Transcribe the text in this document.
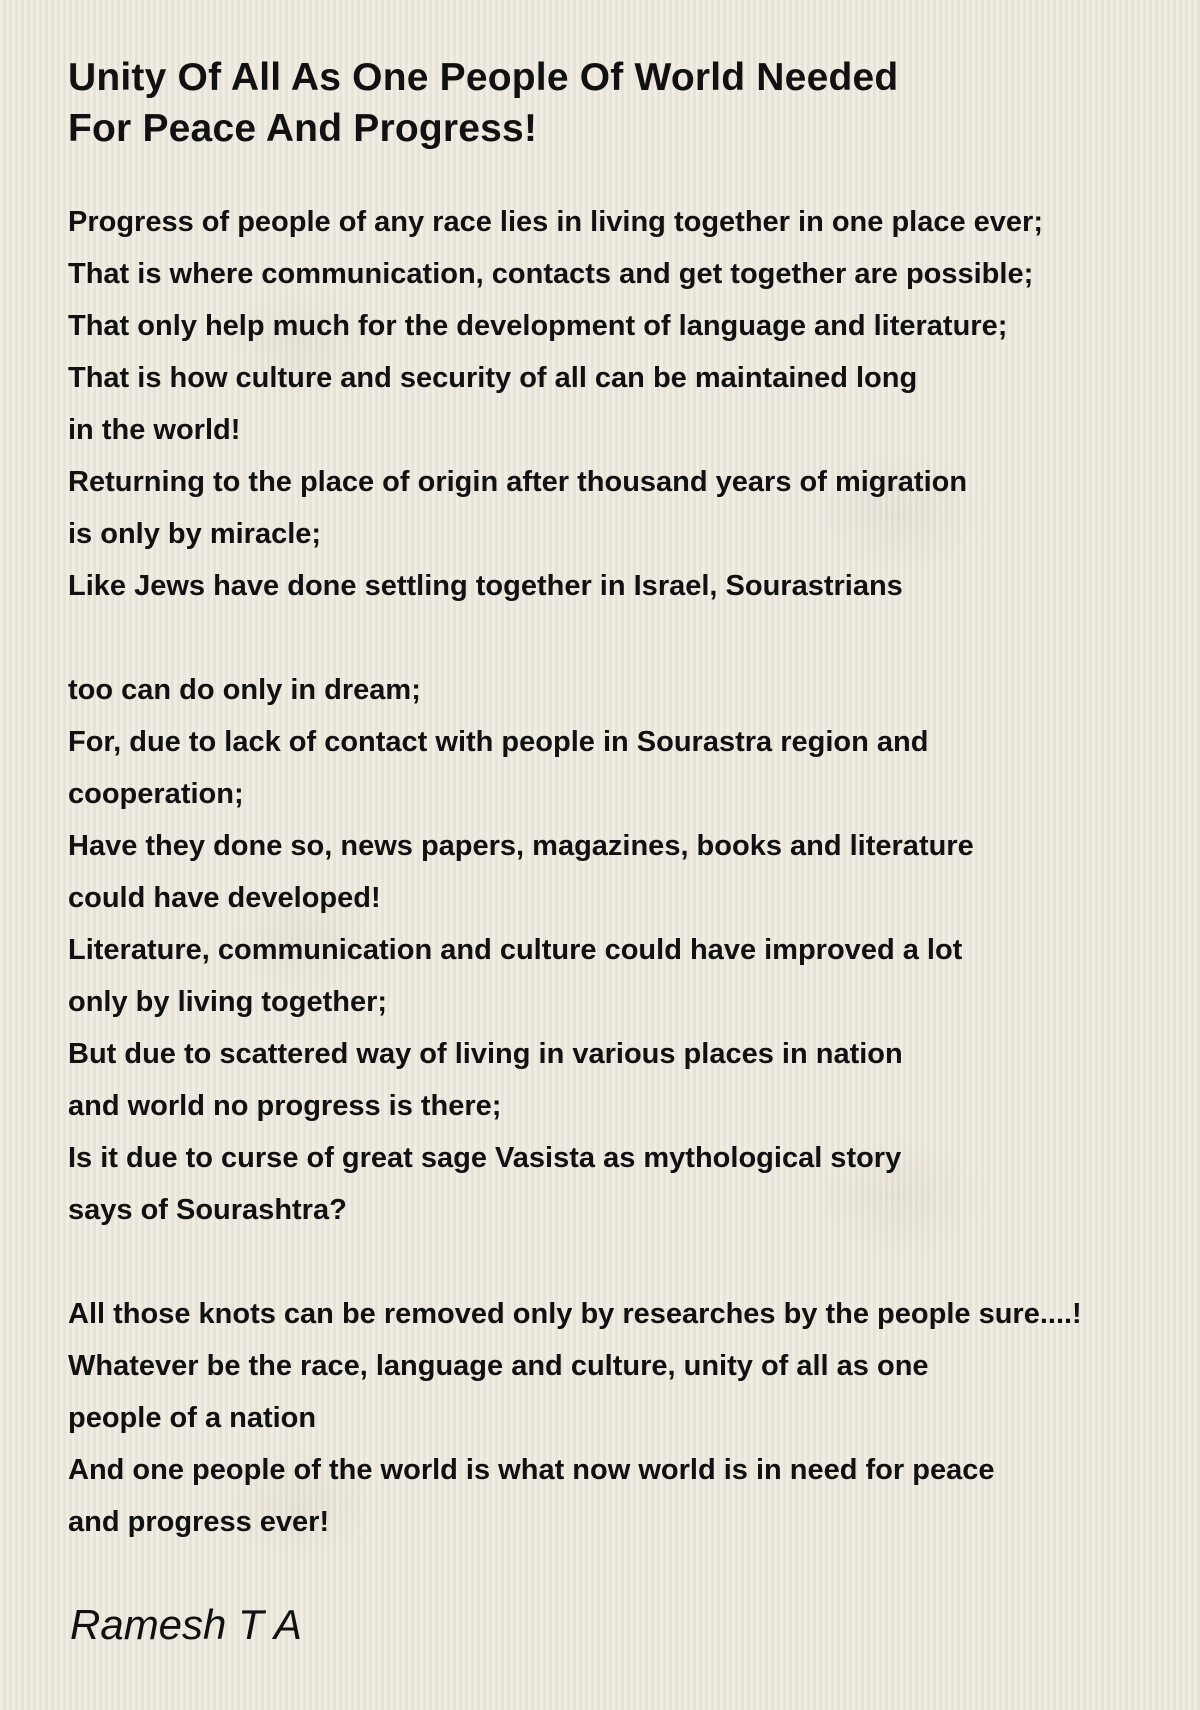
Unity Of All As One People Of World Needed
For Peace And Progress!
Progress of people of any race lies in living together in one place ever;
That is where communication, contacts and get together are possible;
That only help much for the development of language and literature;
That is how culture and security of all can be maintained long
in the world!
Returning to the place of origin after thousand years of migration
is only by miracle;
Like Jews have done settling together in Israel, Sourastrians
too can do only in dream;
For, due to lack of contact with people in Sourastra region and
cooperation;
Have they done so, news papers, magazines, books and literature
could have developed!
Literature, communication and culture could have improved a lot
only by living together;
But due to scattered way of living in various places in nation
and world no progress is there;
Is it due to curse of great sage Vasista as mythological story
says of Sourashtra?
All those knots can be removed only by researches by the people sure....!
Whatever be the race, language and culture, unity of all as one
people of a nation
And one people of the world is what now world is in need for peace
and progress ever!
Ramesh T A
